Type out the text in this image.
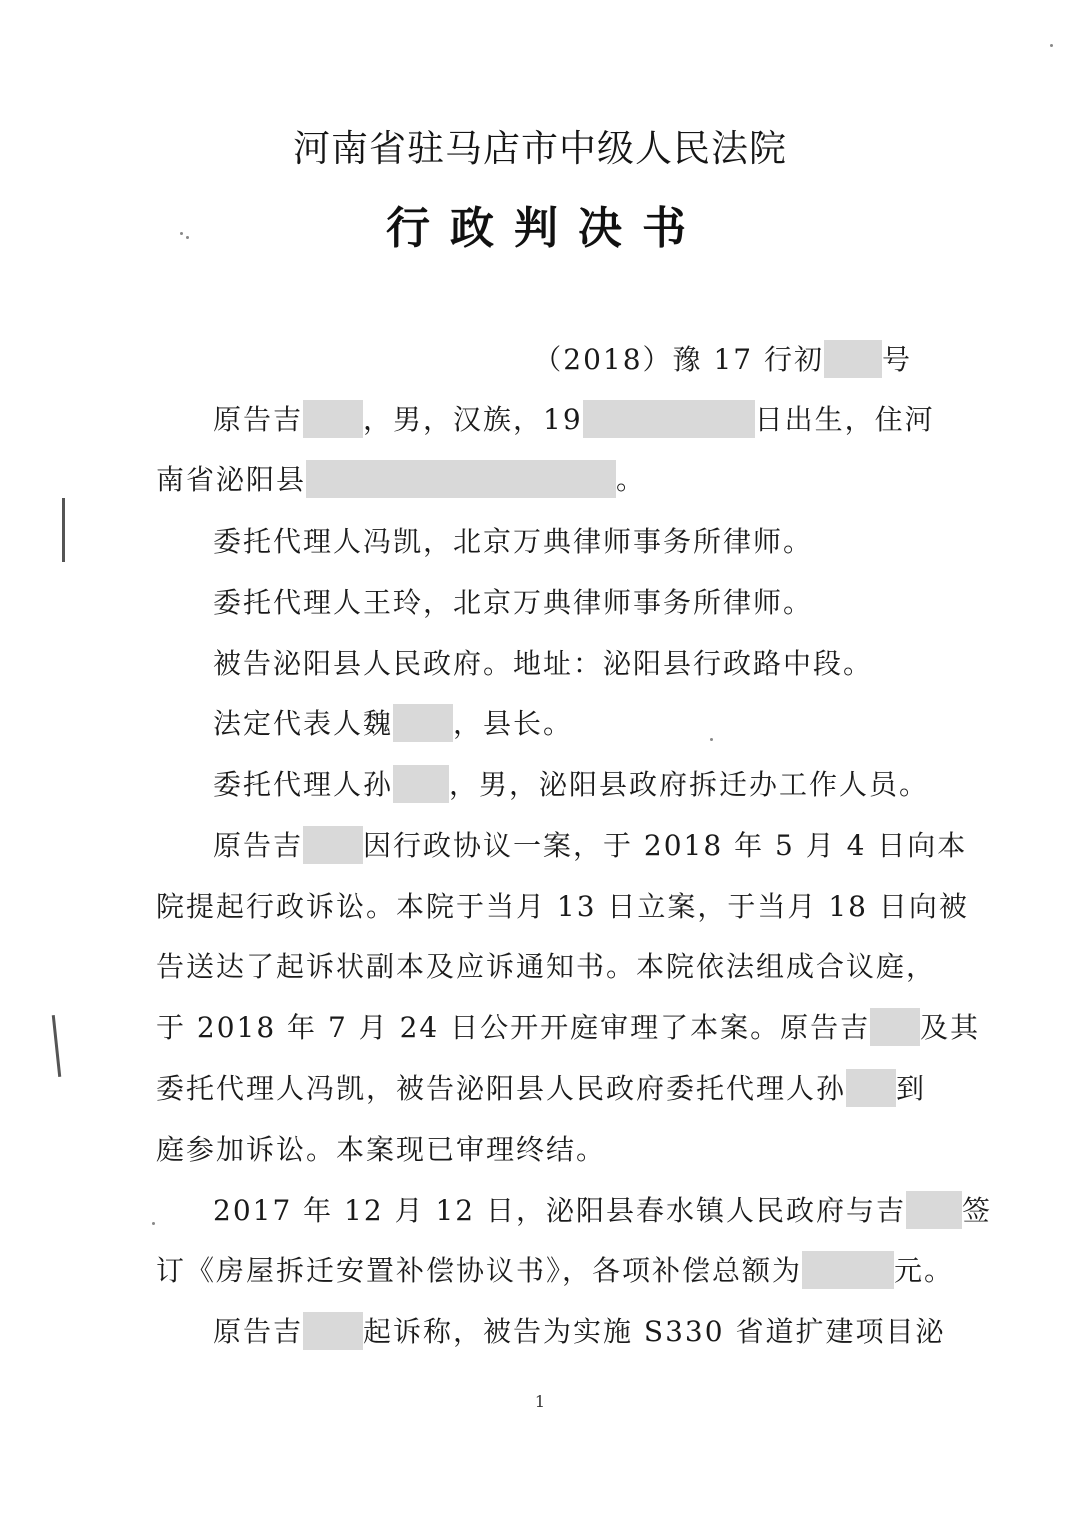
河南省驻马店市中级人民法院
行政判决书
（2018）豫 17 行初 号
原告吉 ，男，汉族，19	日出生，住河
南省泌阳县	。
委托代理人冯凯，北京万典律师事务所律师。
委托代理人王玲，北京万典律师事务所律师。
被告泌阳县人民政府。地址：泌阳县行政路中段。
法定代表人魏 ，县长。
委托代理人孙 ，男，泌阳县政府拆迁办工作人员。
原告吉 因行政协议一案，于 2018 年 5 月 4 日向本
院提起行政诉讼。本院于当月 13 日立案，于当月 18 日向被
告送达了起诉状副本及应诉通知书。本院依法组成合议庭，
于 2018 年 7 月 24 日公开开庭审理了本案。原告吉 及其
委托代理人冯凯，被告泌阳县人民政府委托代理人孙 到
庭参加诉讼。本案现已审理终结。
2017 年 12 月 12 日，泌阳县春水镇人民政府与吉 签
订《房屋拆迁安置补偿协议书》，各项补偿总额为	元。
原告吉 起诉称，被告为实施 S330 省道扩建项目泌
1
